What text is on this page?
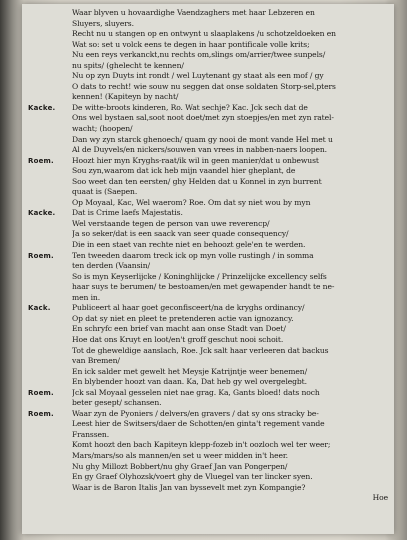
Waar blyven u hovaardighe Vaendzaghers met haar Lebzeren en
Sluyers, sluyers.
Recht nu u stangen op en ontwynt u slaaplakens /u schotzeldoeken en
Wat so: set u volck eens te degen in haar pontificale volle krits;
Nu een reys verkanckt,nu rechts om,slings om/arrier/twee sunpels/
nu spits/ (ghelecht te kennen/
Nu op zyn Duyts int rondt / wel Luytenant gy staat als een mof / gy
O dats to recht! wie souw nu seggen dat onse soldaten Storp-sel,pters
kennen! (Kapiteyn by nacht/
Kacke.	De witte-broots kinderen, Ro. Wat sechje? Kac. Jck sech dat de
Ons wel bystaen sal,soot noot doet/met zyn stoepjes/en met zyn ratel-
wacht; (hoopen/
Dan wy zyn starck ghenoech/ quam gy nooi de mont vande Hel met u
Al de Duyvels/en nickers/souwen van vrees in nabben-naers loopen.
Roem.	Hoozt hier myn Kryghs-raat/ik wil in geen manier/dat u onbewust
Sou zyn,waarom dat ick heb mijn vaandel hier gheplant, de
Soo weet dan ten eersten/ ghy Helden dat u Konnel in zyn burrent
quaat is (Saepen.
Op Moyaal, Kac, Wel waerom? Roe. Om dat sy niet wou by myn
Kacke.	Dat is Crime laefs Majestatis.
Wel verstaande tegen de person van uwe reverencp/
Ja so seker/dat is een saack van seer quade consequency/
Die in een staet van rechte niet en behoozt gele'en te werden.
Roem.	Ten tweeden daarom treck ick op myn volle rustingh / in somma
ten derden (Vaansin/
So is myn Keyserlijcke / Koninghlijcke / Prinzelijcke excellency selfs
haar suys te berumen/ te bestoamen/en met gewapender handt te ne-
men in.
Kack.	Publiceert al haar goet geconfisceert/na de kryghs ordinancy/
Op dat sy niet en pleet te pretenderen actie van ignozancy.
En schryfc een brief van macht aan onse Stadt van Doet/
Hoe dat ons Kruyt en loot/en't groff geschut nooi schoit.
Tot de gheweldige aanslach, Roe. Jck salt haar verleeren dat backus
van Bremen/
En ick salder met gewelt het Meysje Katrijntje weer benemen/
En blybender hoozt van daan. Ka, Dat heb gy wel overgelegbt.
Roem.	Jck sal Moyaal gesselen niet nae grag. Ka, Gants bloed! dats noch
beter gesept/ schansen.
Roem.	Waar zyn de Pyoniers / delvers/en gravers / dat sy ons stracky be-
Leest hier de Switsers/daer de Schotten/en ginta't regement vande
Franssen.
Komt hoozt den bach Kapiteyn klepp-fozeb in't oozloch wel ter weer;
Mars/mars/so als mannen/en set u weer midden in't heer.
Nu ghy Millozt Bobbert/nu ghy Graef Jan van Pongerpen/
En gy Graef Olyhozsk/voert ghy de Vluegel van ter lincker syen.
Waar is de Baron Italis Jan van byssevelt met zyn Kompangie?
Hoe
